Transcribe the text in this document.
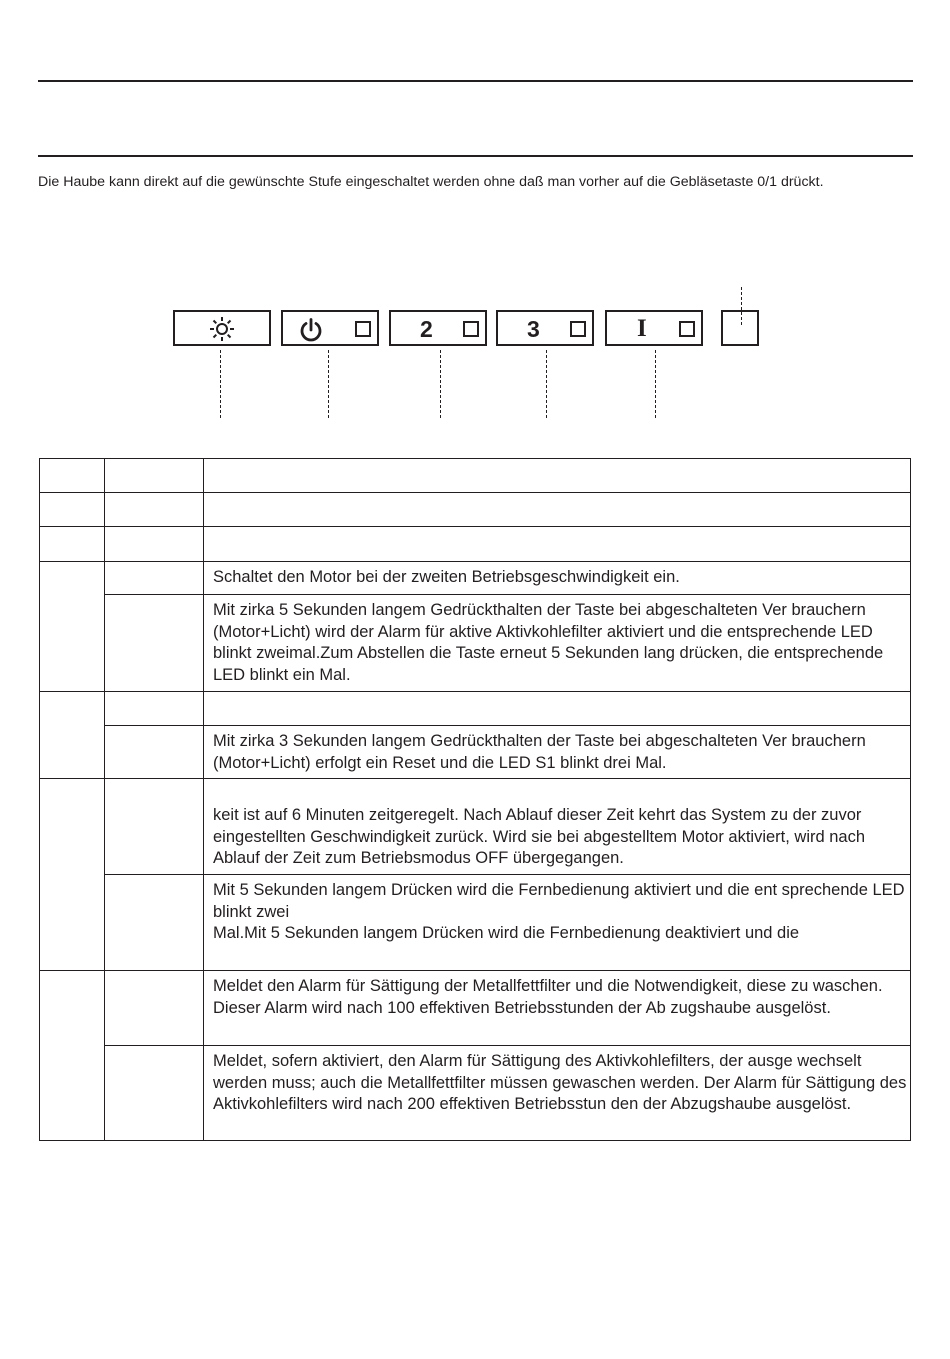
Die Haube kann direkt auf die gewünschte Stufe eingeschaltet werden ohne daß man vorher auf die Gebläsetaste 0/1 drückt.

2	3	I

		Schaltet den Motor bei der zweiten Betriebsgeschwindigkeit ein.

		Mit zirka 5 Sekunden langem Gedrückthalten der Taste bei abgeschalteten Ver brauchern (Motor+Licht) wird der Alarm für aktive Aktivkohlefilter aktiviert und die entsprechende LED blinkt zweimal.Zum Abstellen die Taste erneut 5 Sekunden lang drücken, die entsprechende LED blinkt ein Mal.

		Mit zirka 3 Sekunden langem Gedrückthalten der Taste bei abgeschalteten Ver brauchern (Motor+Licht) erfolgt ein Reset und die LED S1 blinkt drei Mal.

		keit ist auf 6 Minuten zeitgeregelt. Nach Ablauf dieser Zeit kehrt das System zu der zuvor eingestellten Geschwindigkeit zurück. Wird sie bei abgestelltem Motor aktiviert, wird nach Ablauf der Zeit zum Betriebsmodus OFF übergegangen.

		Mit 5 Sekunden langem Drücken wird die Fernbedienung aktiviert und die ent sprechende LED blinkt zwei
Mal.Mit 5 Sekunden langem Drücken wird die Fernbedienung deaktiviert und die

		Meldet den Alarm für Sättigung der Metallfettfilter und die Notwendigkeit, diese zu waschen. Dieser Alarm wird nach 100 effektiven Betriebsstunden der Ab zugshaube ausgelöst.

		Meldet, sofern aktiviert, den Alarm für Sättigung des Aktivkohlefilters, der ausge wechselt werden muss; auch die Metallfettfilter müssen gewaschen werden. Der Alarm für Sättigung des Aktivkohlefilters wird nach 200 effektiven Betriebsstun den der Abzugshaube ausgelöst.
